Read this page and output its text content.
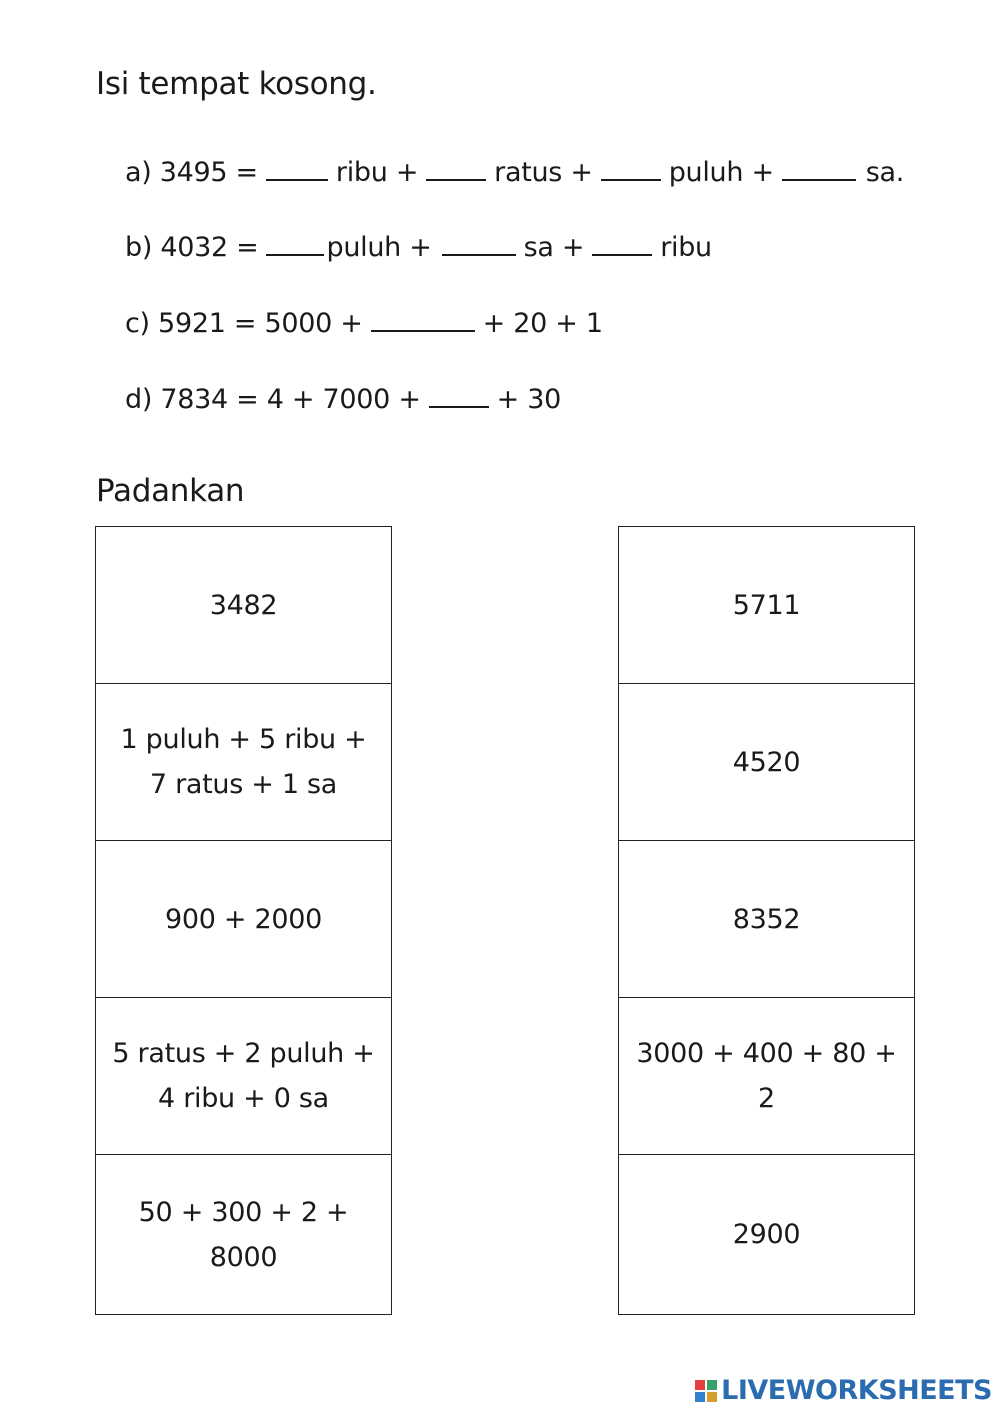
Isi tempat kosong.
a) 3495 =	ribu +	ratus +	puluh +	sa.
b) 4032 =	puluh +	sa +	ribu
c) 5921 = 5000 +	+ 20 + 1
d) 7834 = 4 + 7000 +	+ 30
Padankan
3482
1 puluh + 5 ribu +
7 ratus + 1 sa
900 + 2000
5 ratus + 2 puluh +
4 ribu + 0 sa
50 + 300 + 2 + 8000
5711
4520
8352
3000 + 400 + 80 + 2
2900
LIVEWORKSHEETS
